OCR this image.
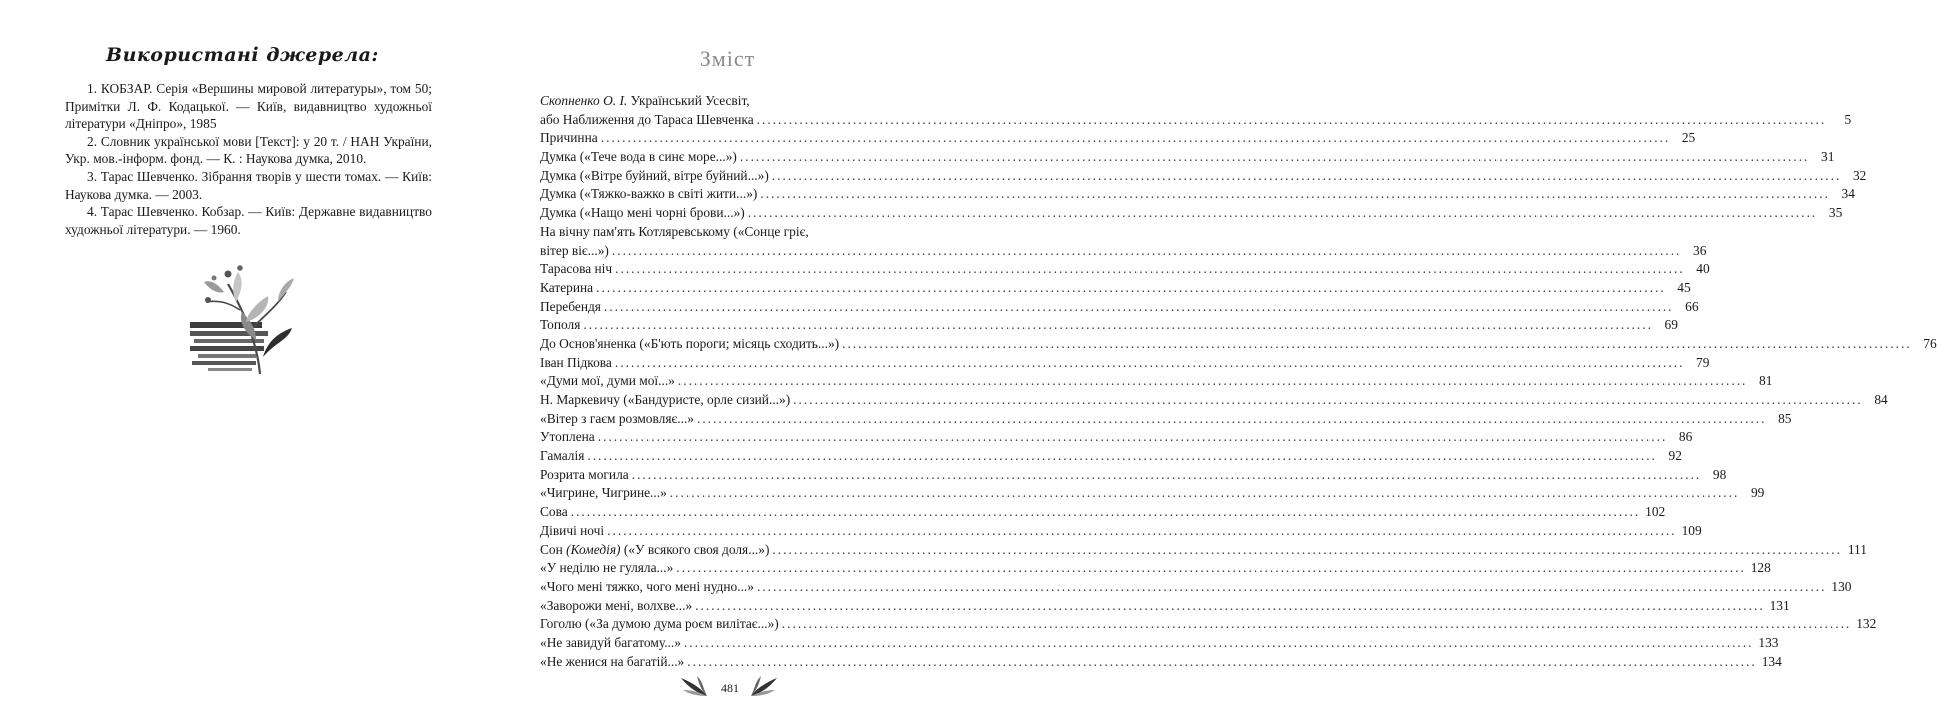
Використані джерела:

1. КОБЗАР. Серія «Вершины мировой литературы», том 50; Примітки Л. Ф. Кодацької. — Київ, видавництво художньої літератури «Дніпро», 1985

2. Словник української мови [Текст]: у 20 т. / НАН України, Укр. мов.-інформ. фонд. — К. : Наукова думка, 2010.

3. Тарас Шевченко. Зібрання творів у шести томах. — Київ: Наукова думка. — 2003.

4. Тарас Шевченко. Кобзар. — Київ: Державне видавництво художньої літератури. — 1960.

Зміст
Скопненко О. І. Український Усесвіт,
або Наближення до Тараса Шевченка ........................................................................................................................................................................................................	5
Причинна ........................................................................................................................................................................................................ 25
Думка («Тече вода в синє море...») ........................................................................................................................................................................................................ 31
Думка («Вітре буйний, вітре буйний...») ........................................................................................................................................................................................................ 32
Думка («Тяжко-важко в світі жити...») ........................................................................................................................................................................................................ 34
Думка («Нащо мені чорні брови...») ........................................................................................................................................................................................................ 35
На вічну пам'ять Котляревському («Сонце гріє,
вітер віє...») ........................................................................................................................................................................................................ 36
Тарасова ніч ........................................................................................................................................................................................................ 40
Катерина ........................................................................................................................................................................................................ 45
Перебендя ........................................................................................................................................................................................................ 66
Тополя ........................................................................................................................................................................................................ 69
До Основ'яненка («Б'ють пороги; місяць сходить...») ........................................................................................................................................................................................................ 76
Іван Підкова ........................................................................................................................................................................................................ 79
«Думи мої, думи мої...» ........................................................................................................................................................................................................ 81
Н. Маркевичу («Бандуристе, орле сизий...») ........................................................................................................................................................................................................ 84
«Вітер з гаєм розмовляє...» ........................................................................................................................................................................................................ 85
Утоплена ........................................................................................................................................................................................................ 86
Гамалія ........................................................................................................................................................................................................ 92
Розрита могила ........................................................................................................................................................................................................ 98
«Чигрине, Чигрине...» ........................................................................................................................................................................................................ 99
Сова ........................................................................................................................................................................................................ 102
Дівичі ночі ........................................................................................................................................................................................................ 109
Сон (Комедія) («У всякого своя доля...») ........................................................................................................................................................................................................ 111
«У неділю не гуляла...» ........................................................................................................................................................................................................ 128
«Чого мені тяжко, чого мені нудно...» ........................................................................................................................................................................................................ 130
«Заворожи мені, волхве...» ........................................................................................................................................................................................................ 131
Гоголю («За думою дума роєм вилітає...») ........................................................................................................................................................................................................ 132
«Не завидуй багатому...» ........................................................................................................................................................................................................ 133
«Не женися на багатій...» ........................................................................................................................................................................................................ 134
481
